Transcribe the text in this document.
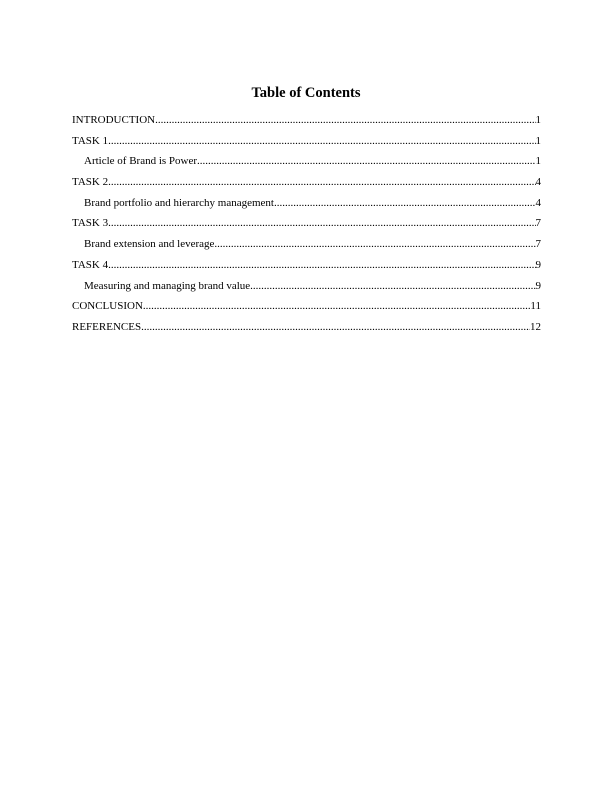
Table of Contents
INTRODUCTION .....	1
TASK 1 .....	1
Article of Brand is Power .....	1
TASK 2 .....	4
Brand portfolio and hierarchy management .....	4
TASK 3 .....	7
Brand extension and leverage .....	7
TASK 4 .....	9
Measuring and managing brand value .....	9
CONCLUSION .....	11
REFERENCES .....	12
